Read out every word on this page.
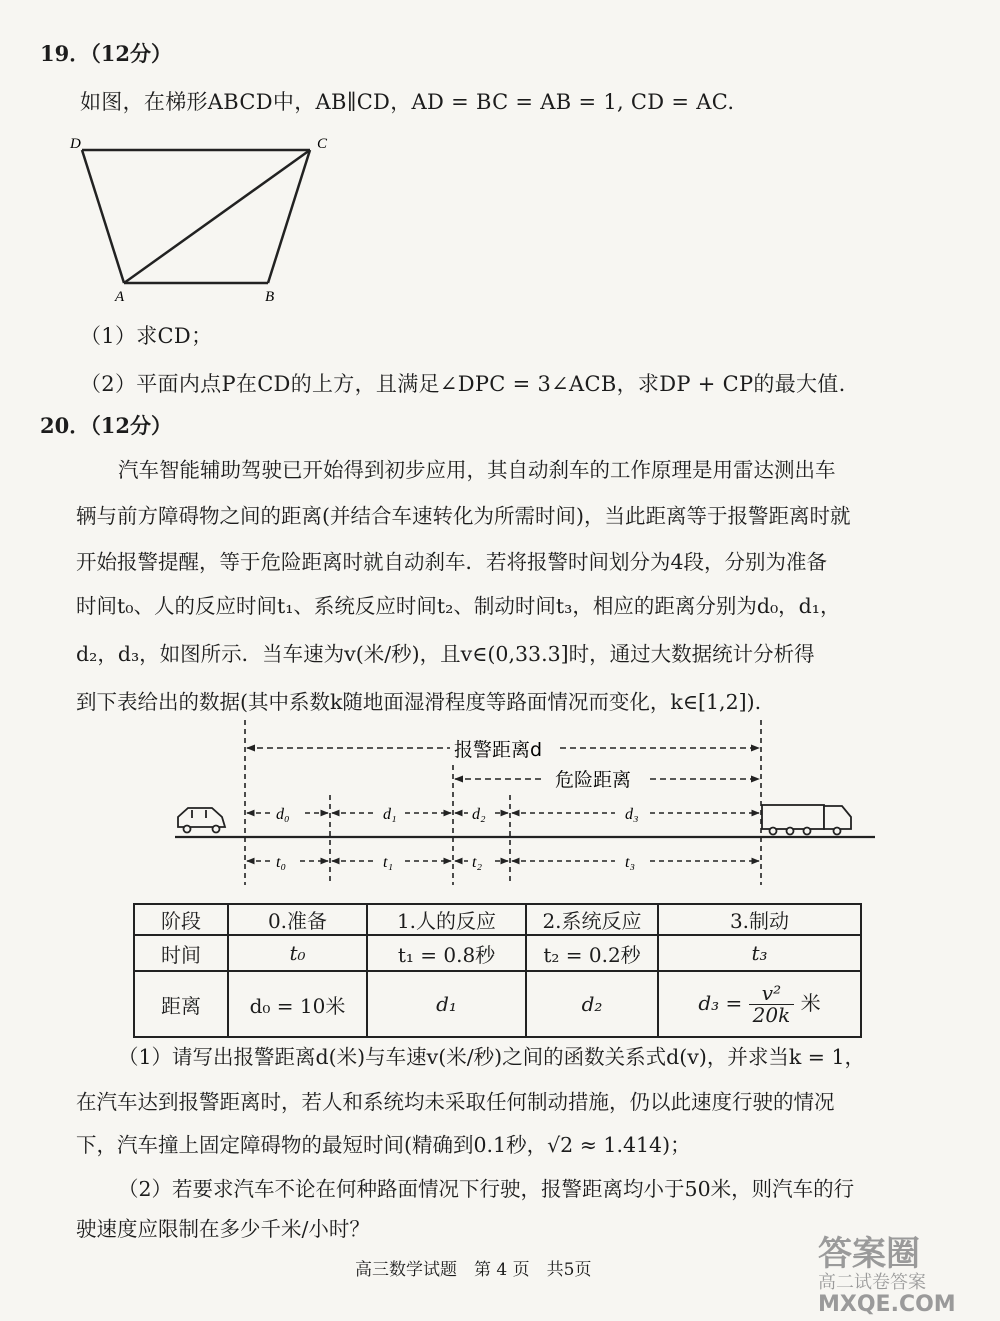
19．（12分）
如图，在梯形ABCD中，AB∥CD，AD = BC = AB = 1, CD = AC.
D	C
A	B
（1）求CD；
（2）平面内点P在CD的上方，且满足∠DPC = 3∠ACB，求DP + CP的最大值.
20．（12分）
汽车智能辅助驾驶已开始得到初步应用，其自动刹车的工作原理是用雷达测出车
辆与前方障碍物之间的距离(并结合车速转化为所需时间)，当此距离等于报警距离时就
开始报警提醒，等于危险距离时就自动刹车．若将报警时间划分为4段，分别为准备
时间t₀、人的反应时间t₁、系统反应时间t₂、制动时间t₃，相应的距离分别为d₀，d₁，
d₂，d₃，如图所示．当车速为v(米/秒)，且v∈(0,33.3]时，通过大数据统计分析得
到下表给出的数据(其中系数k随地面湿滑程度等路面情况而变化，k∈[1,2]).
报警距离d
危险距离
d₀	d₁	d₂	d₃
t₀	t₁	t₂	t₃
阶段	0.准备	1.人的反应	2.系统反应	3.制动
时间	t₀	t₁ = 0.8秒	t₂ = 0.2秒	t₃
距离	d₀ = 10米	d₁	d₂	$d_3 = \frac{\text{v²}}{20k}$ 米
（1）请写出报警距离d(米)与车速v(米/秒)之间的函数关系式d(v)，并求当k = 1，
在汽车达到报警距离时，若人和系统均未采取任何制动措施，仍以此速度行驶的情况
下，汽车撞上固定障碍物的最短时间(精确到0.1秒，√2 ≈ 1.414)；
（2）若要求汽车不论在何种路面情况下行驶，报警距离均小于50米，则汽车的行
驶速度应限制在多少千米/小时？
高三数学试题　第 4 页　共5页	答案圈
高二试卷答案
MXQE.COM
